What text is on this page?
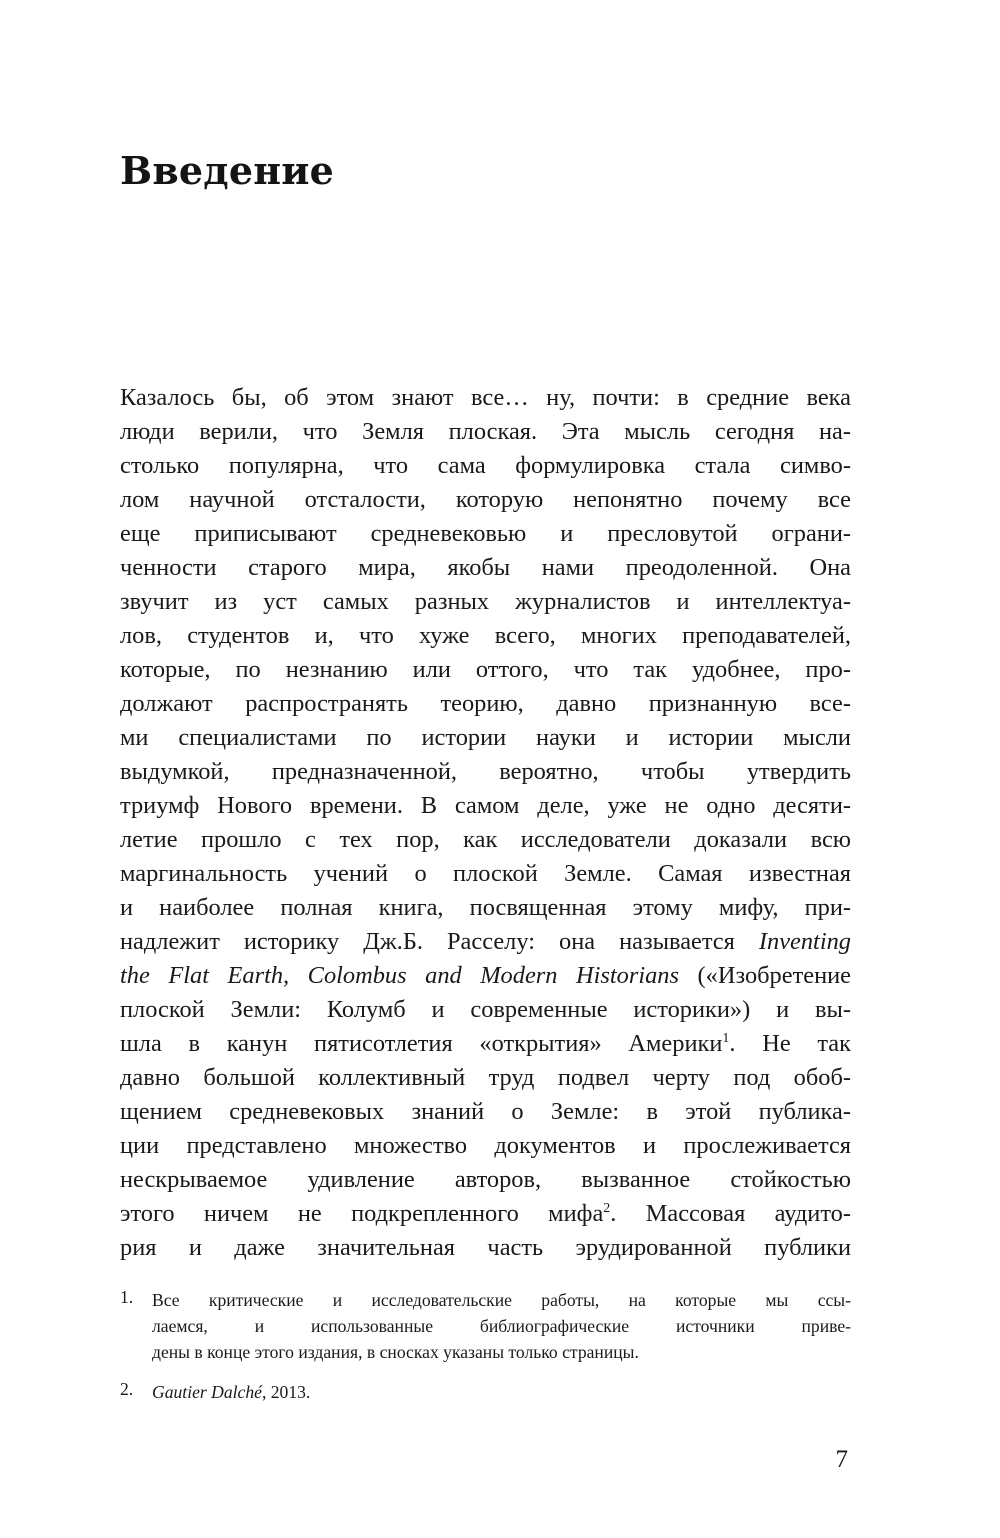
Введение
Казалось бы, об этом знают все… ну, почти: в средние века
люди верили, что Земля плоская. Эта мысль сегодня на-
столько популярна, что сама формулировка стала симво-
лом научной отсталости, которую непонятно почему все
еще приписывают средневековью и пресловутой ограни-
ченности старого мира, якобы нами преодоленной. Она
звучит из уст самых разных журналистов и интеллектуа-
лов, студентов и, что хуже всего, многих преподавателей,
которые, по незнанию или оттого, что так удобнее, про-
должают распространять теорию, давно признанную все-
ми специалистами по истории науки и истории мысли
выдумкой, предназначенной, вероятно, чтобы утвердить
триумф Нового времени. В самом деле, уже не одно десяти-
летие прошло с тех пор, как исследователи доказали всю
маргинальность учений о плоской Земле. Самая известная
и наиболее полная книга, посвященная этому мифу, при-
надлежит историку Дж.Б. Расселу: она называется Inventing
the Flat Earth, Colombus and Modern Historians («Изобретение
плоской Земли: Колумб и современные историки») и вы-
шла в канун пятисотлетия «открытия» Америки$^1$. Не так
давно большой коллективный труд подвел черту под обоб-
щением средневековых знаний о Земле: в этой публика-
ции представлено множество документов и прослеживается
нескрываемое удивление авторов, вызванное стойкостью
этого ничем не подкрепленного мифа$^2$. Массовая аудито-
рия и даже значительная часть эрудированной публики
1. Все критические и исследовательские работы, на которые мы ссы-
лаемся, и использованные библиографические источники приве-
дены в конце этого издания, в сносках указаны только страницы.
2. Gautier Dalché, 2013.
7
